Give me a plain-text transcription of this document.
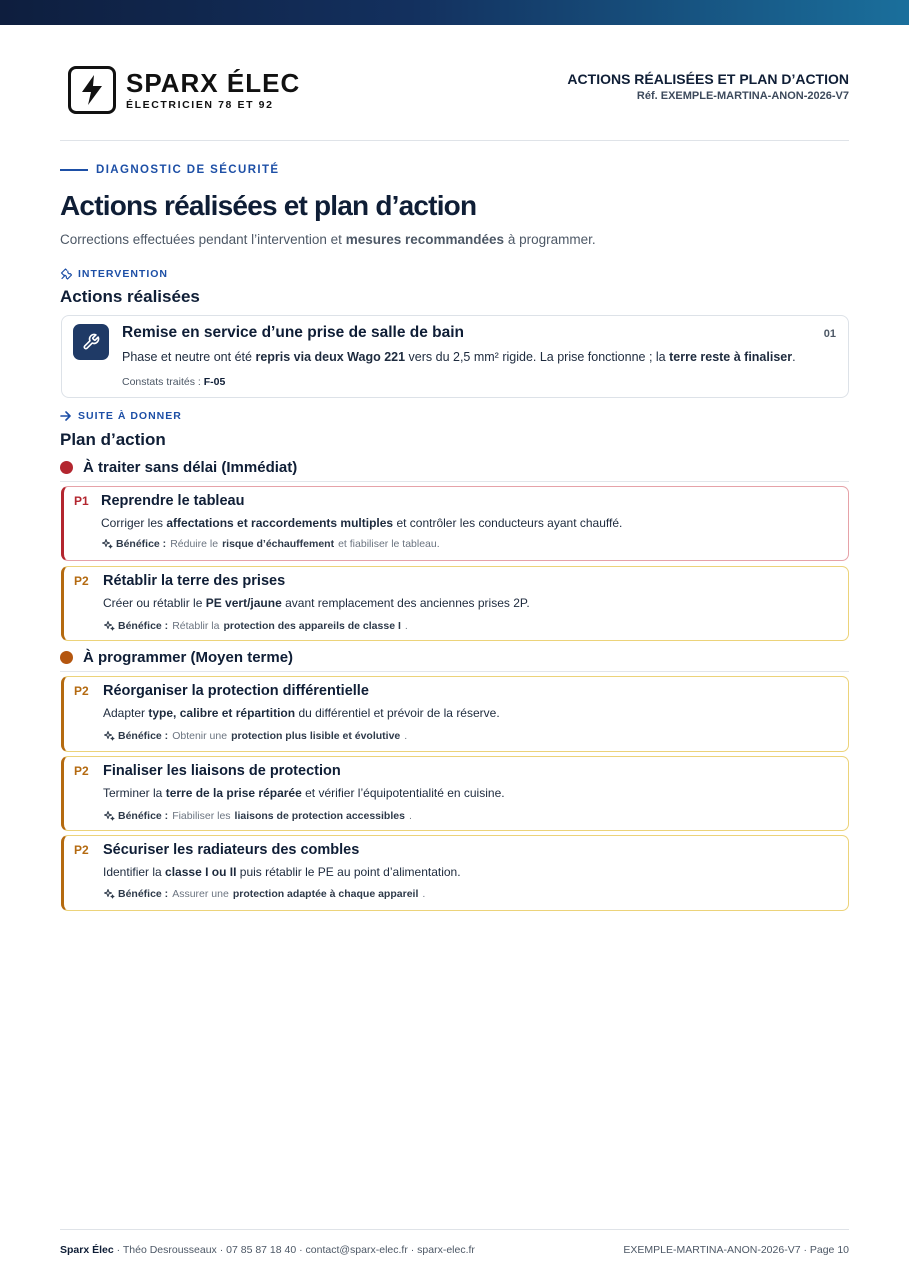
SPARX ÉLEC
ÉLECTRICIEN 78 ET 92
ACTIONS RÉALISÉES ET PLAN D’ACTION
Réf. EXEMPLE-MARTINA-ANON-2026-V7
DIAGNOSTIC DE SÉCURITÉ
Actions réalisées et plan d’action
Corrections effectuées pendant l’intervention et mesures recommandées à programmer.
INTERVENTION
Actions réalisées
Remise en service d’une prise de salle de bain	01
Phase et neutre ont été repris via deux Wago 221 vers du 2,5 mm² rigide. La prise fonctionne ; la terre reste à finaliser.
Constats traités : F-05
SUITE À DONNER
Plan d’action
À traiter sans délai (Immédiat)
P1 Reprendre le tableau
Corriger les affectations et raccordements multiples et contrôler les conducteurs ayant chauffé.
Bénéfice : Réduire le risque d’échauffement et fiabiliser le tableau.
P2 Rétablir la terre des prises
Créer ou rétablir le PE vert/jaune avant remplacement des anciennes prises 2P.
Bénéfice : Rétablir la protection des appareils de classe I .
À programmer (Moyen terme)
P2 Réorganiser la protection différentielle
Adapter type, calibre et répartition du différentiel et prévoir de la réserve.
Bénéfice : Obtenir une protection plus lisible et évolutive .
P2 Finaliser les liaisons de protection
Terminer la terre de la prise réparée et vérifier l’équipotentialité en cuisine.
Bénéfice : Fiabiliser les liaisons de protection accessibles .
P2 Sécuriser les radiateurs des combles
Identifier la classe I ou II puis rétablir le PE au point d’alimentation.
Bénéfice : Assurer une protection adaptée à chaque appareil .
Sparx Élec · Théo Desrousseaux · 07 85 87 18 40 · contact@sparx-elec.fr · sparx-elec.fr	EXEMPLE-MARTINA-ANON-2026-V7 · Page 10
